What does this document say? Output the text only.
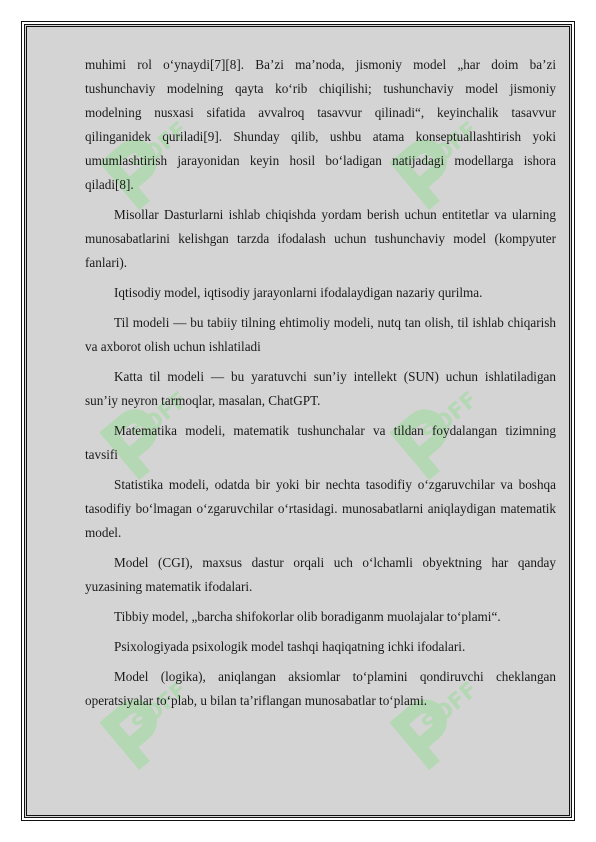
SOFF	SOFF
SOFF	SOFF
SOFF	SOFF

muhimi rol o‘ynaydi[7][8]. Ba’zi ma’noda, jismoniy model „har doim ba’zi tushunchaviy modelning qayta ko‘rib chiqilishi; tushunchaviy model jismoniy modelning nusxasi sifatida avvalroq tasavvur qilinadi“, keyinchalik tasavvur qilinganidek quriladi[9]. Shunday qilib, ushbu atama konseptuallashtirish yoki umumlashtirish jarayonidan keyin hosil bo‘ladigan natijadagi modellarga ishora qiladi[8].

Misollar Dasturlarni ishlab chiqishda yordam berish uchun entitetlar va ularning munosabatlarini kelishgan tarzda ifodalash uchun tushunchaviy model (kompyuter fanlari).

Iqtisodiy model, iqtisodiy jarayonlarni ifodalaydigan nazariy qurilma.

Til modeli — bu tabiiy tilning ehtimoliy modeli, nutq tan olish, til ishlab chiqarish va axborot olish uchun ishlatiladi

Katta til modeli — bu yaratuvchi sun’iy intellekt (SUN) uchun ishlatiladigan sun’iy neyron tarmoqlar, masalan, ChatGPT.

Matematika modeli, matematik tushunchalar va tildan foydalangan tizimning tavsifi

Statistika modeli, odatda bir yoki bir nechta tasodifiy o‘zgaruvchilar va boshqa tasodifiy bo‘lmagan o‘zgaruvchilar o‘rtasidagi. munosabatlarni aniqlaydigan matematik model.

Model (CGI), maxsus dastur orqali uch o‘lchamli obyektning har qanday yuzasining matematik ifodalari.

Tibbiy model, „barcha shifokorlar olib boradiganm muolajalar to‘plami“.

Psixologiyada psixologik model tashqi haqiqatning ichki ifodalari.

Model (logika), aniqlangan aksiomlar to‘plamini qondiruvchi cheklangan operatsiyalar to‘plab, u bilan ta’riflangan munosabatlar to‘plami.
